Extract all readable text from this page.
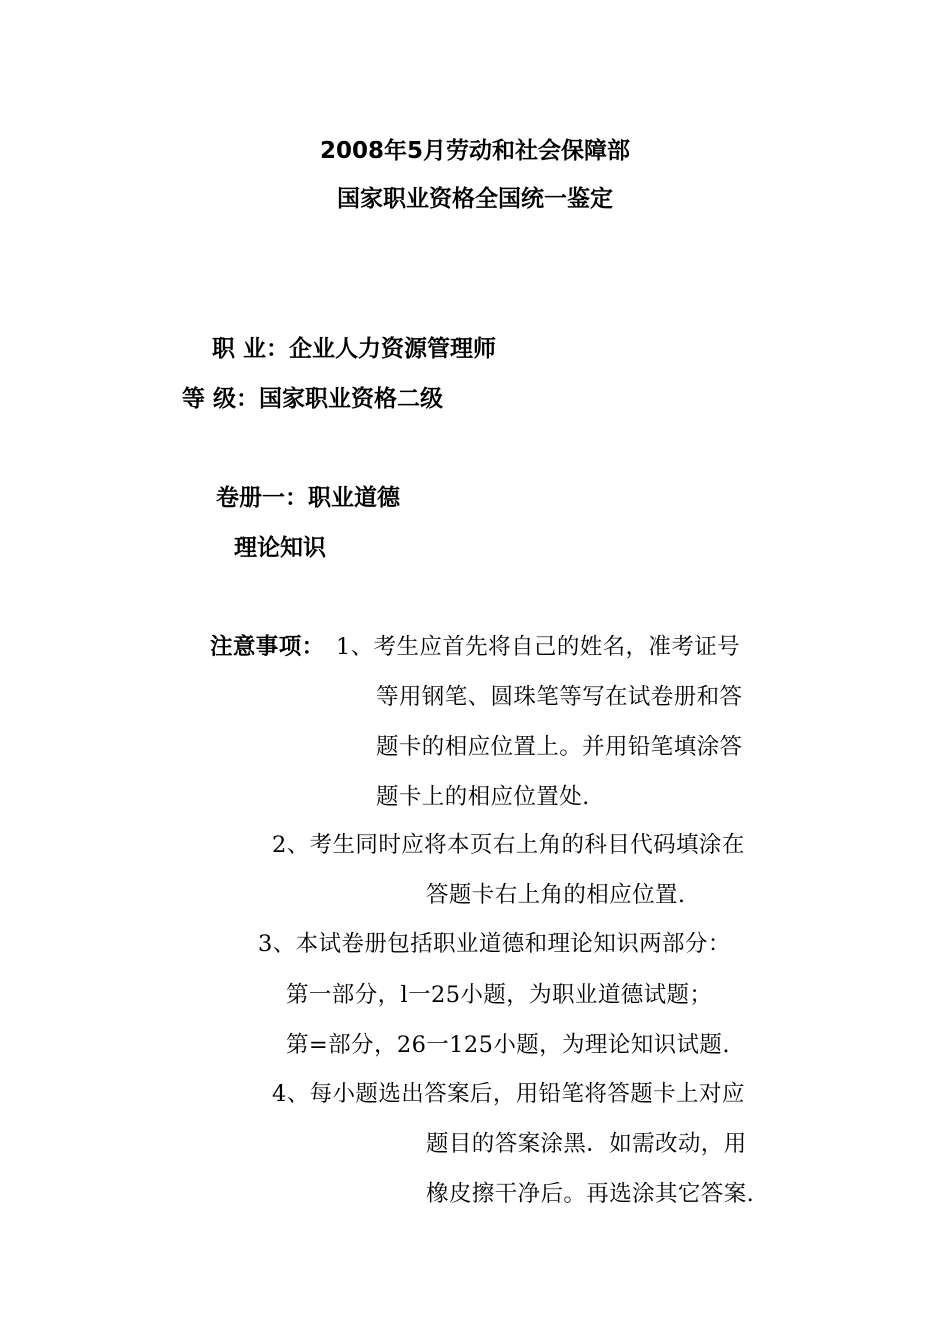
2008年5月劳动和社会保障部
国家职业资格全国统一鉴定
职 业：企业人力资源管理师
等 级：国家职业资格二级
卷册一：职业道德
理论知识
注意事项： 1、考生应首先将自己的姓名，准考证号
等用钢笔、圆珠笔等写在试卷册和答
题卡的相应位置上。并用铅笔填涂答
题卡上的相应位置处.
2、考生同时应将本页右上角的科目代码填涂在
答题卡右上角的相应位置.
3、本试卷册包括职业道德和理论知识两部分：
第一部分，l一25小题，为职业道德试题；
第=部分，26一125小题，为理论知识试题.
4、每小题选出答案后，用铅笔将答题卡上对应
题目的答案涂黑．如需改动，用
橡皮擦干净后。再选涂其它答案.
